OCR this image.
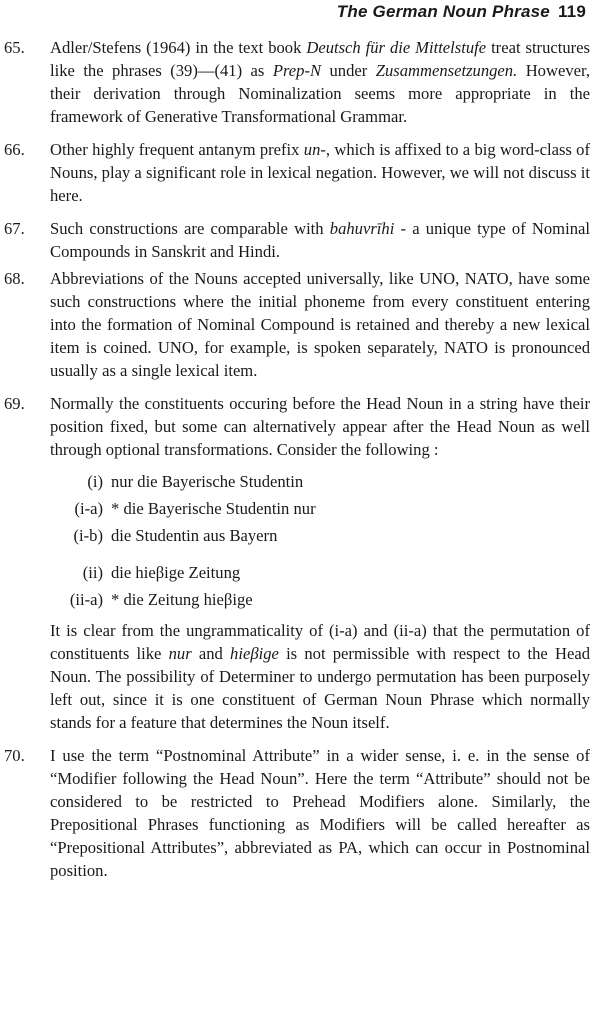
The German Noun Phrase 119
65. Adler/Stefens (1964) in the text book Deutsch für die Mittelstufe treat structures like the phrases (39)—(41) as Prep-N under Zusammensetzungen. However, their derivation through Nominalization seems more appropriate in the framework of Generative Transformational Grammar.

66. Other highly frequent antanym prefix un-, which is affixed to a big word-class of Nouns, play a significant role in lexical negation. However, we will not discuss it here.

67. Such constructions are comparable with bahuvrīhi - a unique type of Nominal Compounds in Sanskrit and Hindi.

68. Abbreviations of the Nouns accepted universally, like UNO, NATO, have some such constructions where the initial phoneme from every constituent entering into the formation of Nominal Compound is retained and thereby a new lexical item is coined. UNO, for example, is spoken separately, NATO is pronounced usually as a single lexical item.

69. Normally the constituents occuring before the Head Noun in a string have their position fixed, but some can alternatively appear after the Head Noun as well through optional transformations. Consider the following :

(i) nur die Bayerische Studentin
(i-a) * die Bayerische Studentin nur
(i-b) die Studentin aus Bayern
(ii) die hieβige Zeitung
(ii-a) * die Zeitung hieβige

It is clear from the ungrammaticality of (i-a) and (ii-a) that the permutation of constituents like nur and hieβige is not permissible with respect to the Head Noun. The possibility of Determiner to undergo permutation has been purposely left out, since it is one constituent of German Noun Phrase which normally stands for a feature that determines the Noun itself.

70. I use the term “Postnominal Attribute” in a wider sense, i. e. in the sense of “Modifier following the Head Noun”. Here the term “Attribute” should not be considered to be restricted to Prehead Modifiers alone. Similarly, the Prepositional Phrases functioning as Modifiers will be called hereafter as “Prepositional Attributes”, abbreviated as PA, which can occur in Postnominal position.
